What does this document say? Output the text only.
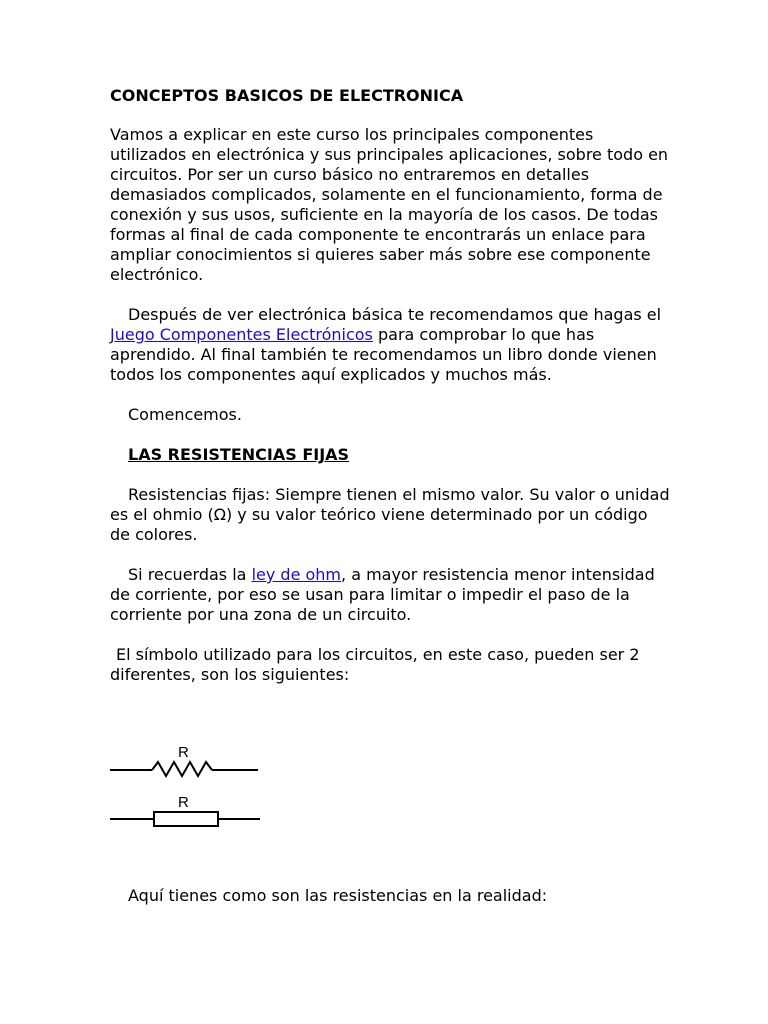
CONCEPTOS BASICOS DE ELECTRONICA

Vamos a explicar en este curso los principales componentes utilizados en electrónica y sus principales aplicaciones, sobre todo en circuitos. Por ser un curso básico no entraremos en detalles demasiados complicados, solamente en el funcionamiento, forma de conexión y sus usos, suficiente en la mayoría de los casos. De todas formas al final de cada componente te encontrarás un enlace para ampliar conocimientos si quieres saber más sobre ese componente electrónico.

Después de ver electrónica básica te recomendamos que hagas el Juego Componentes Electrónicos para comprobar lo que has aprendido. Al final también te recomendamos un libro donde vienen todos los componentes aquí explicados y muchos más.

Comencemos.

LAS RESISTENCIAS FIJAS

Resistencias fijas: Siempre tienen el mismo valor. Su valor o unidad es el ohmio (Ω) y su valor teórico viene determinado por un código de colores.

Si recuerdas la ley de ohm, a mayor resistencia menor intensidad de corriente, por eso se usan para limitar o impedir el paso de la corriente por una zona de un circuito.

El símbolo utilizado para los circuitos, en este caso, pueden ser 2 diferentes, son los siguientes:

R
R
Aquí tienes como son las resistencias en la realidad:
